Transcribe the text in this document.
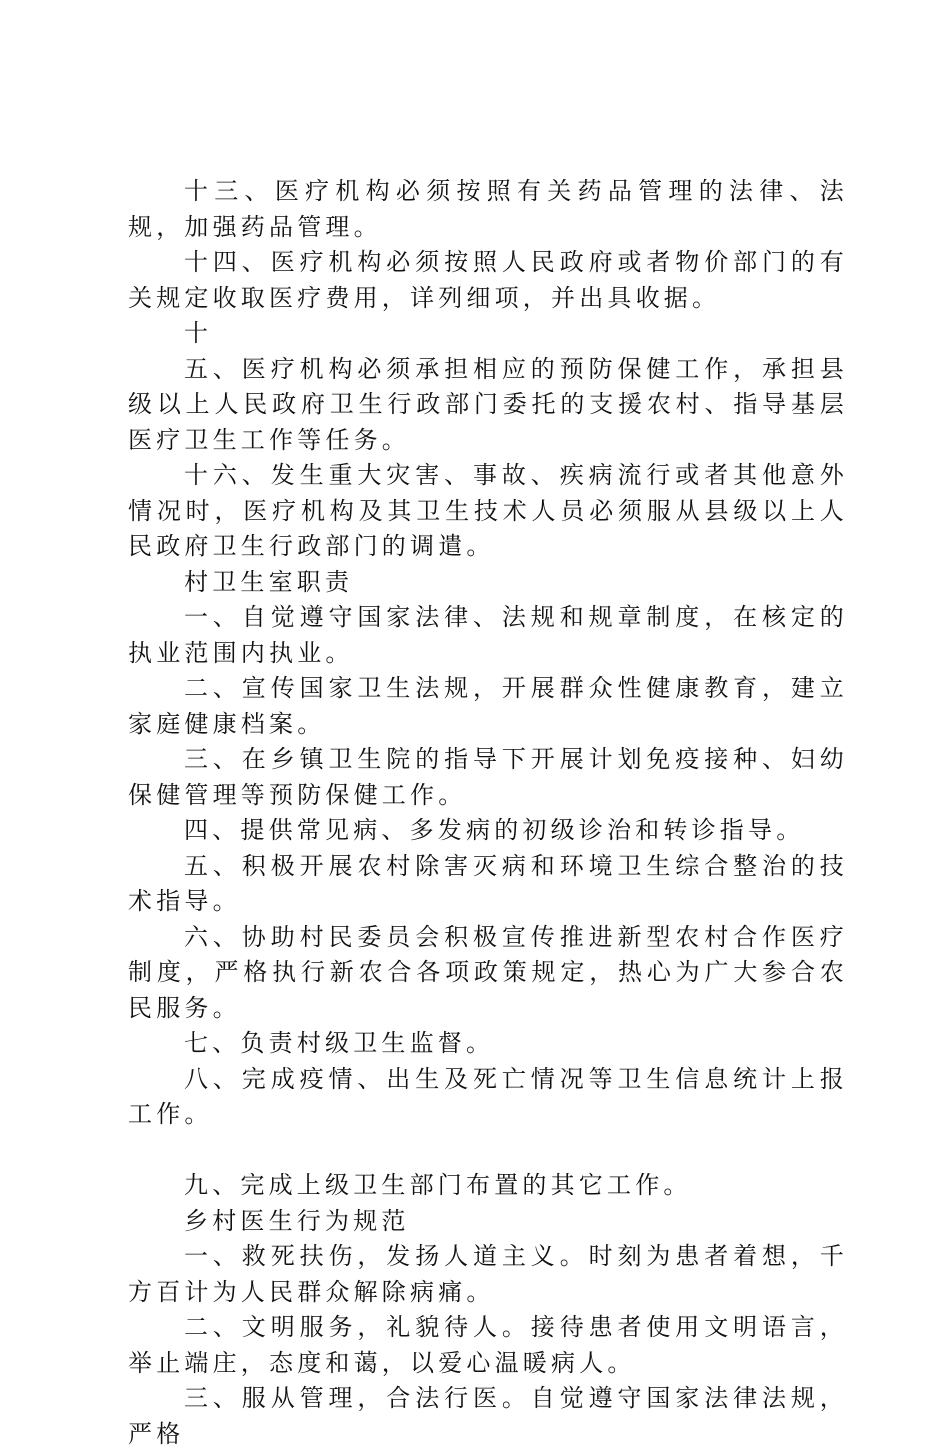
十三、医疗机构必须按照有关药品管理的法律、法规，加强药品管理。

十四、医疗机构必须按照人民政府或者物价部门的有关规定收取医疗费用，详列细项，并出具收据。

十

五、医疗机构必须承担相应的预防保健工作，承担县级以上人民政府卫生行政部门委托的支援农村、指导基层医疗卫生工作等任务。

十六、发生重大灾害、事故、疾病流行或者其他意外情况时，医疗机构及其卫生技术人员必须服从县级以上人民政府卫生行政部门的调遣。

村卫生室职责

一、自觉遵守国家法律、法规和规章制度，在核定的执业范围内执业。

二、宣传国家卫生法规，开展群众性健康教育，建立家庭健康档案。

三、在乡镇卫生院的指导下开展计划免疫接种、妇幼保健管理等预防保健工作。

四、提供常见病、多发病的初级诊治和转诊指导。

五、积极开展农村除害灭病和环境卫生综合整治的技术指导。

六、协助村民委员会积极宣传推进新型农村合作医疗制度，严格执行新农合各项政策规定，热心为广大参合农民服务。

七、负责村级卫生监督。

八、完成疫情、出生及死亡情况等卫生信息统计上报工作。

九、完成上级卫生部门布置的其它工作。

乡村医生行为规范

一、救死扶伤，发扬人道主义。时刻为患者着想，千方百计为人民群众解除病痛。

二、文明服务，礼貌待人。接待患者使用文明语言，举止端庄，态度和蔼，以爱心温暖病人。

三、服从管理，合法行医。自觉遵守国家法律法规，严格
